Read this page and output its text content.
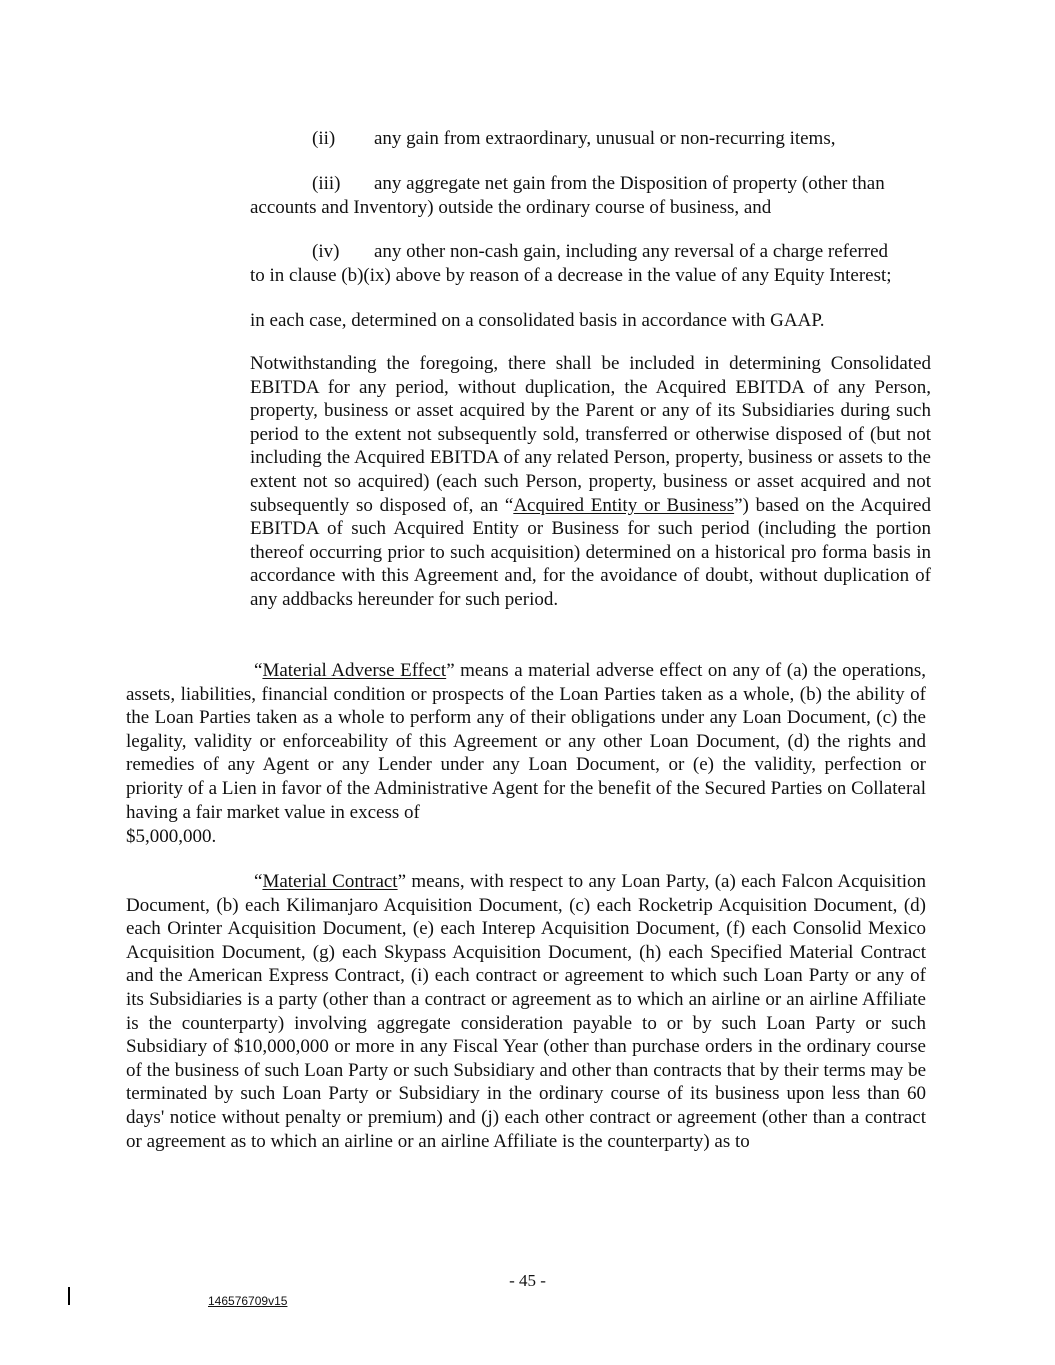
(ii) any gain from extraordinary, unusual or non-recurring items,

(iii) any aggregate net gain from the Disposition of property (other than

accounts and Inventory) outside the ordinary course of business, and

(iv) any other non-cash gain, including any reversal of a charge referred

to in clause (b)(ix) above by reason of a decrease in the value of any Equity Interest;

in each case, determined on a consolidated basis in accordance with GAAP.

Notwithstanding the foregoing, there shall be included in determining Consolidated EBITDA for any period, without duplication, the Acquired EBITDA of any Person, property, business or asset acquired by the Parent or any of its Subsidiaries during such period to the extent not subsequently sold, transferred or otherwise disposed of (but not including the Acquired EBITDA of any related Person, property, business or assets to the extent not so acquired) (each such Person, property, business or asset acquired and not subsequently so disposed of, an “Acquired Entity or Business”) based on the Acquired EBITDA of such Acquired Entity or Business for such period (including the portion thereof occurring prior to such acquisition) determined on a historical pro forma basis in accordance with this Agreement and, for the avoidance of doubt, without duplication of any addbacks hereunder for such period.

“Material Adverse Effect” means a material adverse effect on any of (a) the operations, assets, liabilities, financial condition or prospects of the Loan Parties taken as a whole, (b) the ability of the Loan Parties taken as a whole to perform any of their obligations under any Loan Document, (c) the legality, validity or enforceability of this Agreement or any other Loan Document, (d) the rights and remedies of any Agent or any Lender under any Loan Document, or (e) the validity, perfection or priority of a Lien in favor of the Administrative Agent for the benefit of the Secured Parties on Collateral having a fair market value in excess of

$5,000,000.

“Material Contract” means, with respect to any Loan Party, (a) each Falcon Acquisition Document, (b) each Kilimanjaro Acquisition Document, (c) each Rocketrip Acquisition Document, (d) each Orinter Acquisition Document, (e) each Interep Acquisition Document, (f) each Consolid Mexico Acquisition Document, (g) each Skypass Acquisition Document, (h) each Specified Material Contract and the American Express Contract, (i) each contract or agreement to which such Loan Party or any of its Subsidiaries is a party (other than a contract or agreement as to which an airline or an airline Affiliate is the counterparty) involving aggregate consideration payable to or by such Loan Party or such Subsidiary of $10,000,000 or more in any Fiscal Year (other than purchase orders in the ordinary course of the business of such Loan Party or such Subsidiary and other than contracts that by their terms may be terminated by such Loan Party or Subsidiary in the ordinary course of its business upon less than 60 days' notice without penalty or premium) and (j) each other contract or agreement (other than a contract or agreement as to which an airline or an airline Affiliate is the counterparty) as to

- 45 -
146576709v15
